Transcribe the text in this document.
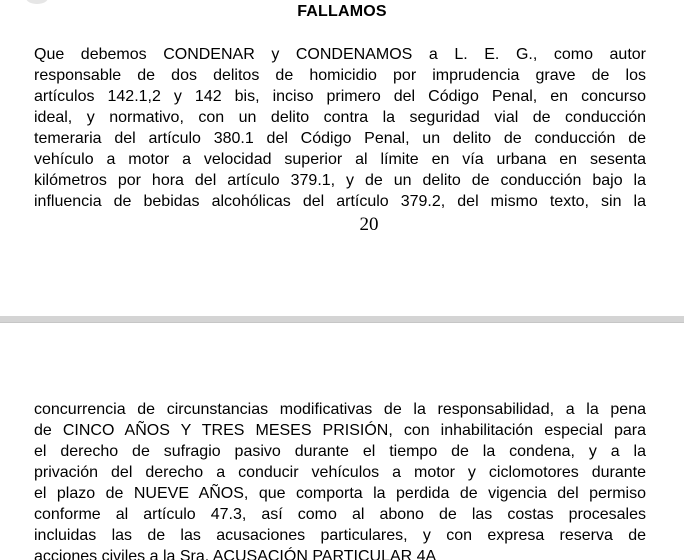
FALLAMOS
Que debemos CONDENAR y CONDENAMOS a L. E. G., como autor
responsable de dos delitos de homicidio por imprudencia grave de los
artículos 142.1,2 y 142 bis, inciso primero del Código Penal, en concurso
ideal, y normativo, con un delito contra la seguridad vial de conducción
temeraria del artículo 380.1 del Código Penal, un delito de conducción de
vehículo a motor a velocidad superior al límite en vía urbana en sesenta
kilómetros por hora del artículo 379.1, y de un delito de conducción bajo la
influencia de bebidas alcohólicas del artículo 379.2, del mismo texto, sin la
20
concurrencia de circunstancias modificativas de la responsabilidad, a la pena
de CINCO AÑOS Y TRES MESES PRISIÓN, con inhabilitación especial para
el derecho de sufragio pasivo durante el tiempo de la condena, y a la
privación del derecho a conducir vehículos a motor y ciclomotores durante
el plazo de NUEVE AÑOS, que comporta la perdida de vigencia del permiso
conforme al artículo 47.3, así como al abono de las costas procesales
incluidas las de las acusaciones particulares, y con expresa reserva de
acciones civiles a la Sra. ACUSACIÓN PARTICULAR 4A
